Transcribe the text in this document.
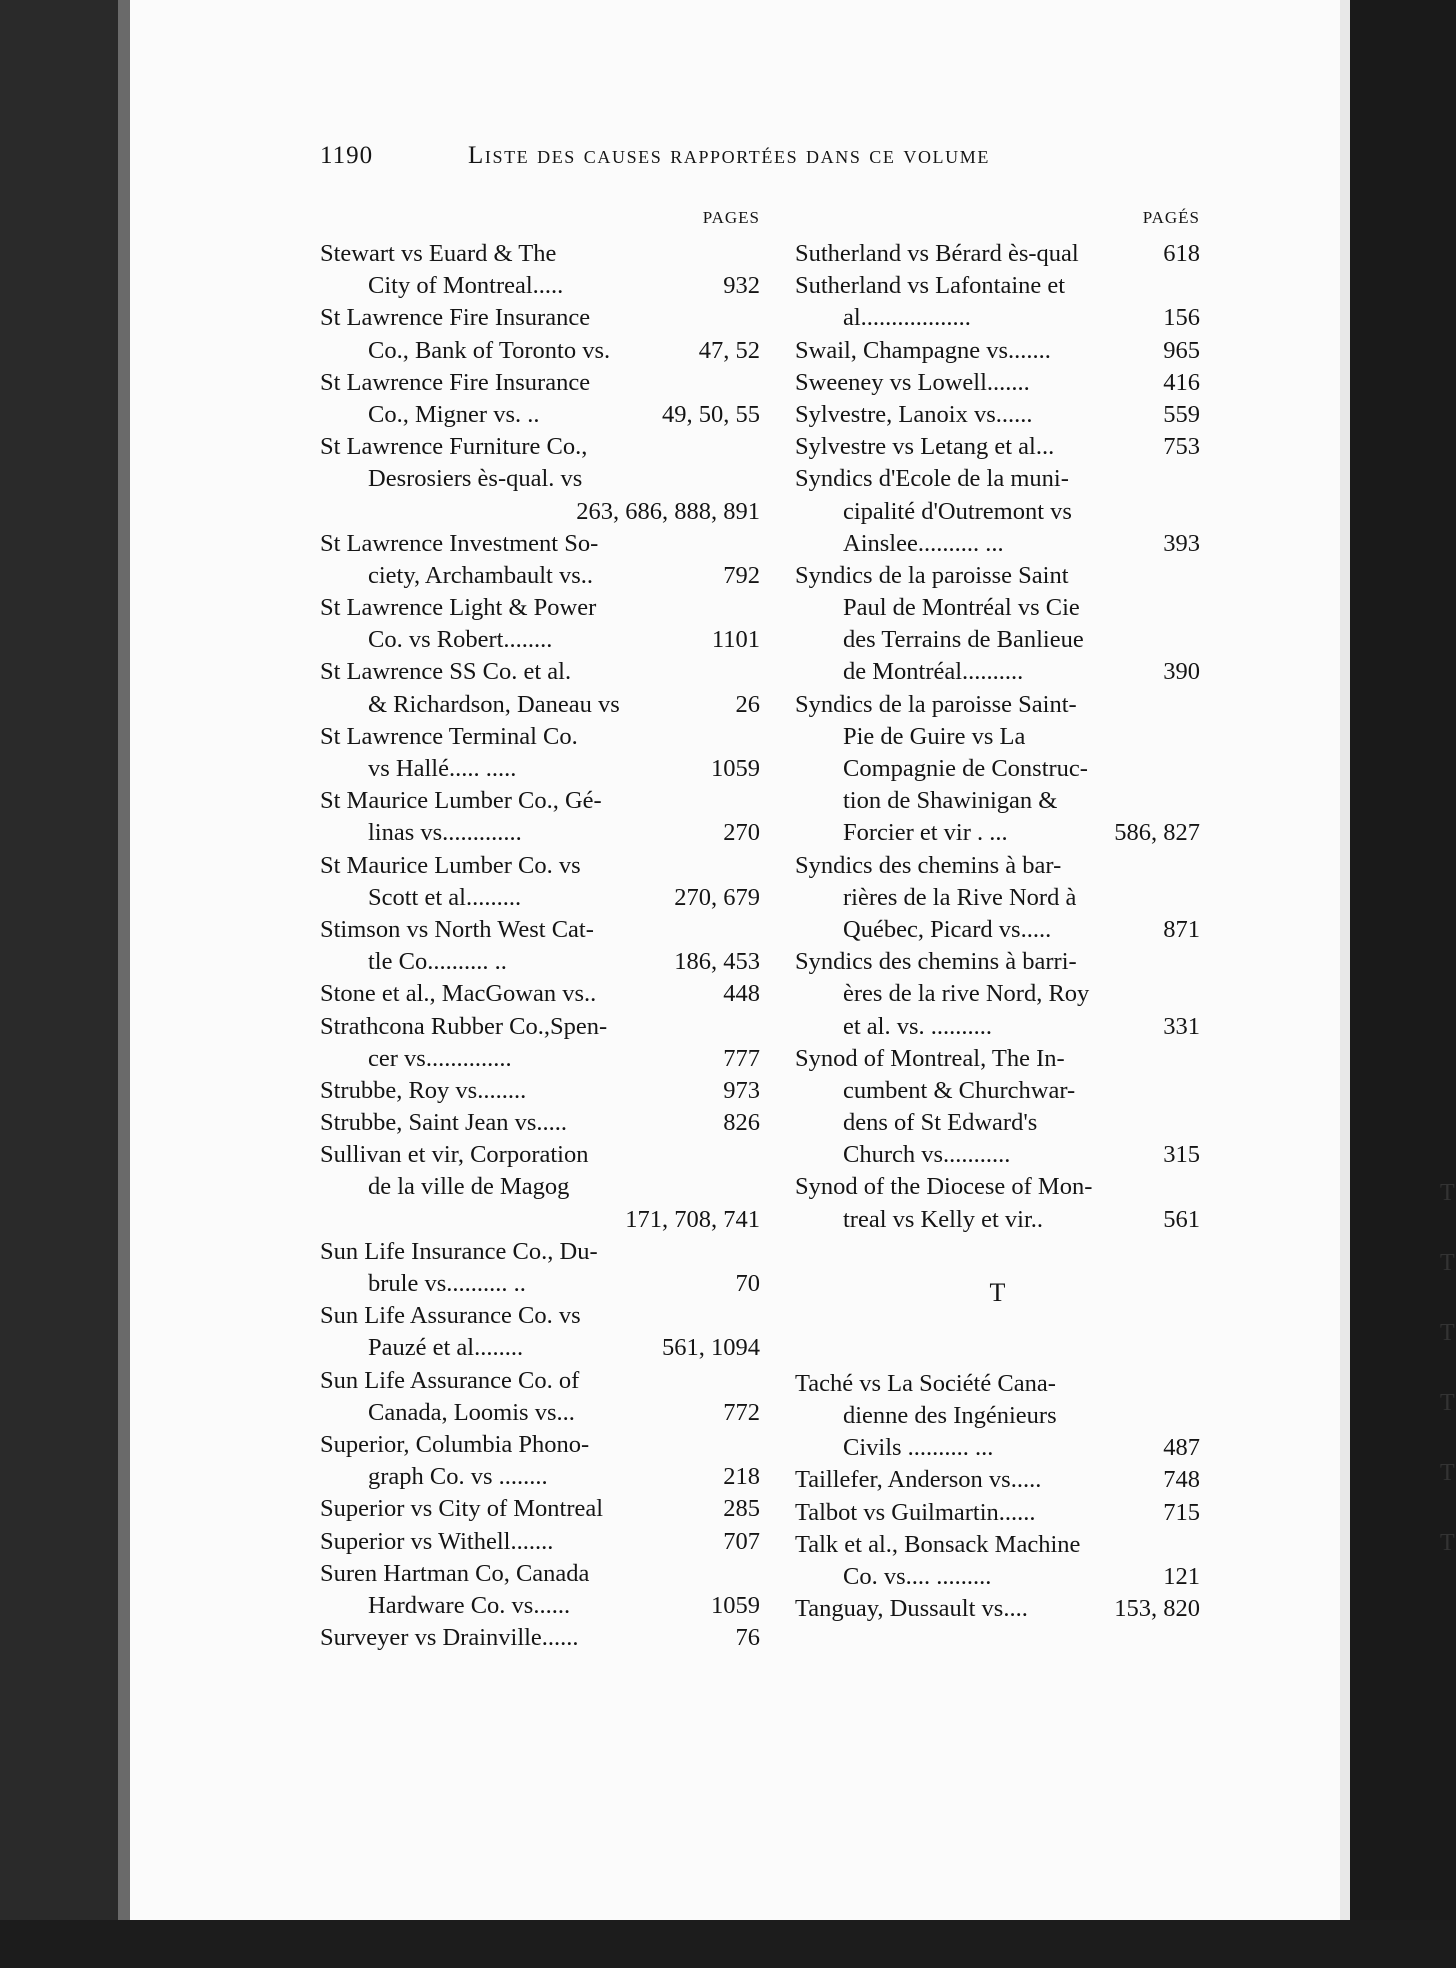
1190	Liste des causes rapportées dans ce volume
PAGES
Stewart vs Euard & The
City of Montreal.....	932
St Lawrence Fire Insurance
Co., Bank of Toronto vs.	47, 52
St Lawrence Fire Insurance
Co., Migner vs. ..	49, 50, 55
St Lawrence Furniture Co.,
Desrosiers ès-qual. vs
263, 686, 888, 891
St Lawrence Investment So-
ciety, Archambault vs..	792
St Lawrence Light & Power
Co. vs Robert........	1101
St Lawrence SS Co. et al.
& Richardson, Daneau vs	26
St Lawrence Terminal Co.
vs Hallé..... .....	1059
St Maurice Lumber Co., Gé-
linas vs.............	270
St Maurice Lumber Co. vs
Scott et al.........	270, 679
Stimson vs North West Cat-
tle Co.......... ..	186, 453
Stone et al., MacGowan vs..	448
Strathcona Rubber Co.,Spen-
cer vs..............	777
Strubbe, Roy vs........	973
Strubbe, Saint Jean vs.....	826
Sullivan et vir, Corporation
de la ville de Magog
171, 708, 741
Sun Life Insurance Co., Du-
brule vs.......... ..	70
Sun Life Assurance Co. vs
Pauzé et al........	561, 1094
Sun Life Assurance Co. of
Canada, Loomis vs...	772
Superior, Columbia Phono-
graph Co. vs ........	218
Superior vs City of Montreal	285
Superior vs Withell.......	707
Suren Hartman Co, Canada
Hardware Co. vs......	1059
Surveyer vs Drainville......	76
PAGÉS
Sutherland vs Bérard ès-qual	618
Sutherland vs Lafontaine et
al..................	156
Swail, Champagne vs.......	965
Sweeney vs Lowell.......	416
Sylvestre, Lanoix vs......	559
Sylvestre vs Letang et al...	753
Syndics d'Ecole de la muni-
cipalité d'Outremont vs
Ainslee.......... ...	393
Syndics de la paroisse Saint
Paul de Montréal vs Cie
des Terrains de Banlieue
de Montréal..........	390
Syndics de la paroisse Saint-
Pie de Guire vs La
Compagnie de Construc-
tion de Shawinigan &
Forcier et vir . ...	586, 827
Syndics des chemins à bar-
rières de la Rive Nord à
Québec, Picard vs.....	871
Syndics des chemins à barri-
ères de la rive Nord, Roy
et al. vs. ..........	331
Synod of Montreal, The In-
cumbent & Churchwar-
dens of St Edward's
Church vs...........	315
Synod of the Diocese of Mon-
treal vs Kelly et vir..	561
T
Taché vs La Société Cana-
dienne des Ingénieurs
Civils .......... ...	487
Taillefer, Anderson vs.....	748
Talbot vs Guilmartin......	715
Talk et al., Bonsack Machine
Co. vs.... .........	121
Tanguay, Dussault vs....	153, 820
T
T
T
T
T
T
